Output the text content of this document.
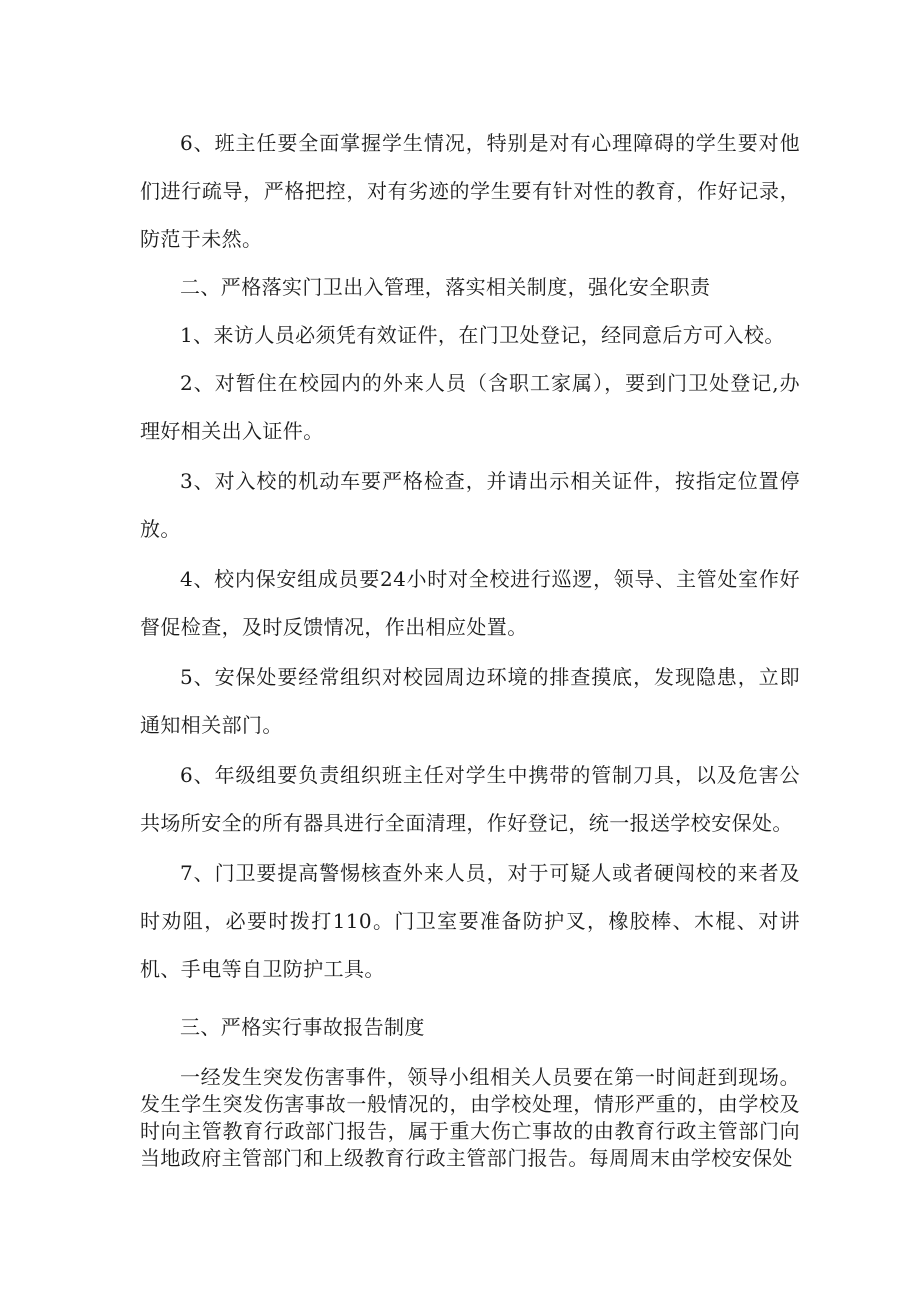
6、班主任要全面掌握学生情况，特别是对有心理障碍的学生要对他们进行疏导，严格把控，对有劣迹的学生要有针对性的教育，作好记录，防范于未然。

二、严格落实门卫出入管理，落实相关制度，强化安全职责

1、来访人员必须凭有效证件，在门卫处登记，经同意后方可入校。

2、对暂住在校园内的外来人员（含职工家属），要到门卫处登记,办理好相关出入证件。

3、对入校的机动车要严格检查，并请出示相关证件，按指定位置停放。

4、校内保安组成员要24小时对全校进行巡逻，领导、主管处室作好督促检查，及时反馈情况，作出相应处置。

5、安保处要经常组织对校园周边环境的排查摸底，发现隐患，立即通知相关部门。

6、年级组要负责组织班主任对学生中携带的管制刀具，以及危害公共场所安全的所有器具进行全面清理，作好登记，统一报送学校安保处。

7、门卫要提高警惕核查外来人员，对于可疑人或者硬闯校的来者及时劝阻，必要时拨打110。门卫室要准备防护叉，橡胶棒、木棍、对讲机、手电等自卫防护工具。

三、严格实行事故报告制度

一经发生突发伤害事件，领导小组相关人员要在第一时间赶到现场。发生学生突发伤害事故一般情况的，由学校处理，情形严重的，由学校及时向主管教育行政部门报告，属于重大伤亡事故的由教育行政主管部门向当地政府主管部门和上级教育行政主管部门报告。每周周末由学校安保处
